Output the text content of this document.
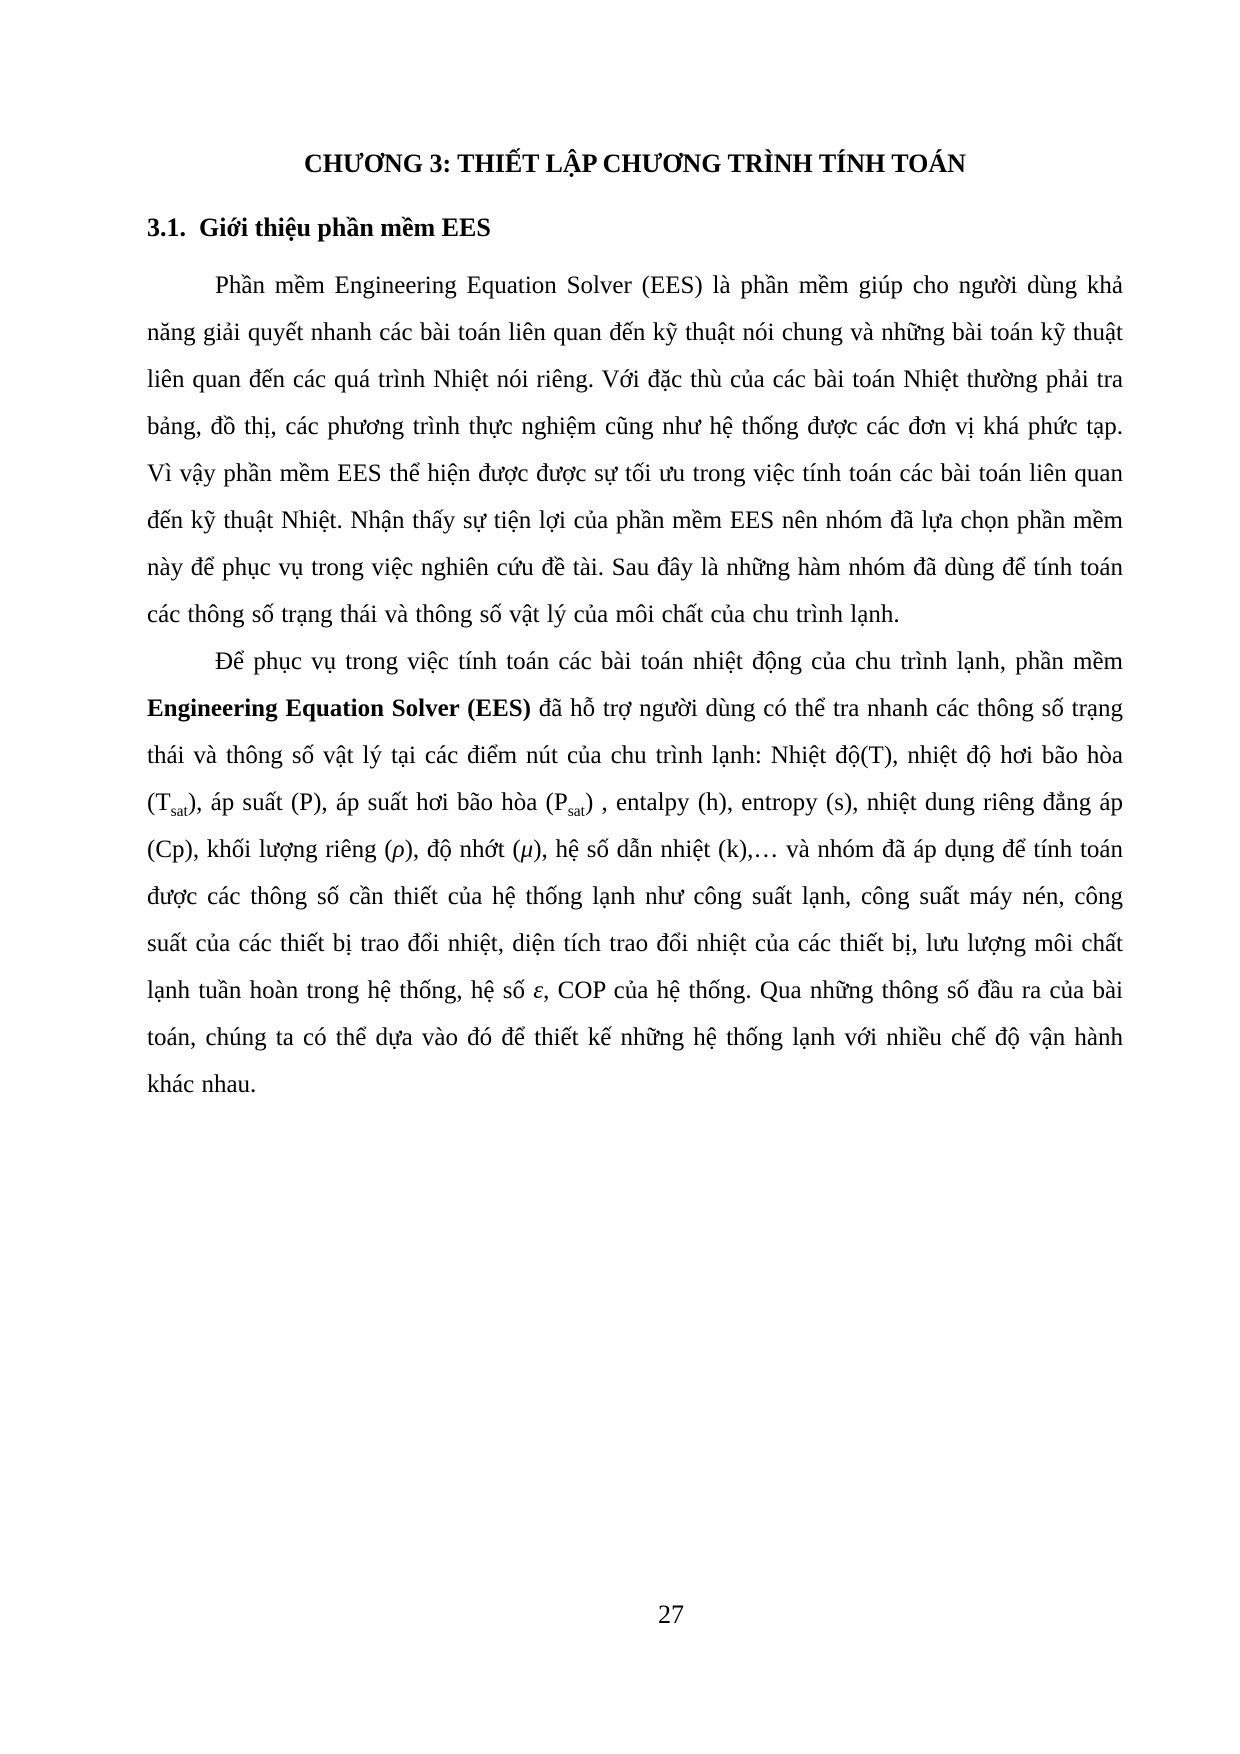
CHƯƠNG 3: THIẾT LẬP CHƯƠNG TRÌNH TÍNH TOÁN
3.1. Giới thiệu phần mềm EES

Phần mềm Engineering Equation Solver (EES) là phần mềm giúp cho người dùng khả năng giải quyết nhanh các bài toán liên quan đến kỹ thuật nói chung và những bài toán kỹ thuật liên quan đến các quá trình Nhiệt nói riêng. Với đặc thù của các bài toán Nhiệt thường phải tra bảng, đồ thị, các phương trình thực nghiệm cũng như hệ thống được các đơn vị khá phức tạp. Vì vậy phần mềm EES thể hiện được được sự tối ưu trong việc tính toán các bài toán liên quan đến kỹ thuật Nhiệt. Nhận thấy sự tiện lợi của phần mềm EES nên nhóm đã lựa chọn phần mềm này để phục vụ trong việc nghiên cứu đề tài. Sau đây là những hàm nhóm đã dùng để tính toán các thông số trạng thái và thông số vật lý của môi chất của chu trình lạnh.

Để phục vụ trong việc tính toán các bài toán nhiệt động của chu trình lạnh, phần mềm Engineering Equation Solver (EES) đã hỗ trợ người dùng có thể tra nhanh các thông số trạng thái và thông số vật lý tại các điểm nút của chu trình lạnh: Nhiệt độ(T), nhiệt độ hơi bão hòa $(T_{sat})$, áp suất (P), áp suất hơi bão hòa $(P_{sat})$ , entalpy (h), entropy (s), nhiệt dung riêng đẳng áp (Cp), khối lượng riêng (ρ), độ nhớt (μ), hệ số dẫn nhiệt (k),… và nhóm đã áp dụng để tính toán được các thông số cần thiết của hệ thống lạnh như công suất lạnh, công suất máy nén, công suất của các thiết bị trao đổi nhiệt, diện tích trao đổi nhiệt của các thiết bị, lưu lượng môi chất lạnh tuần hoàn trong hệ thống, hệ số ε, COP của hệ thống. Qua những thông số đầu ra của bài toán, chúng ta có thể dựa vào đó để thiết kế những hệ thống lạnh với nhiều chế độ vận hành khác nhau.

27
